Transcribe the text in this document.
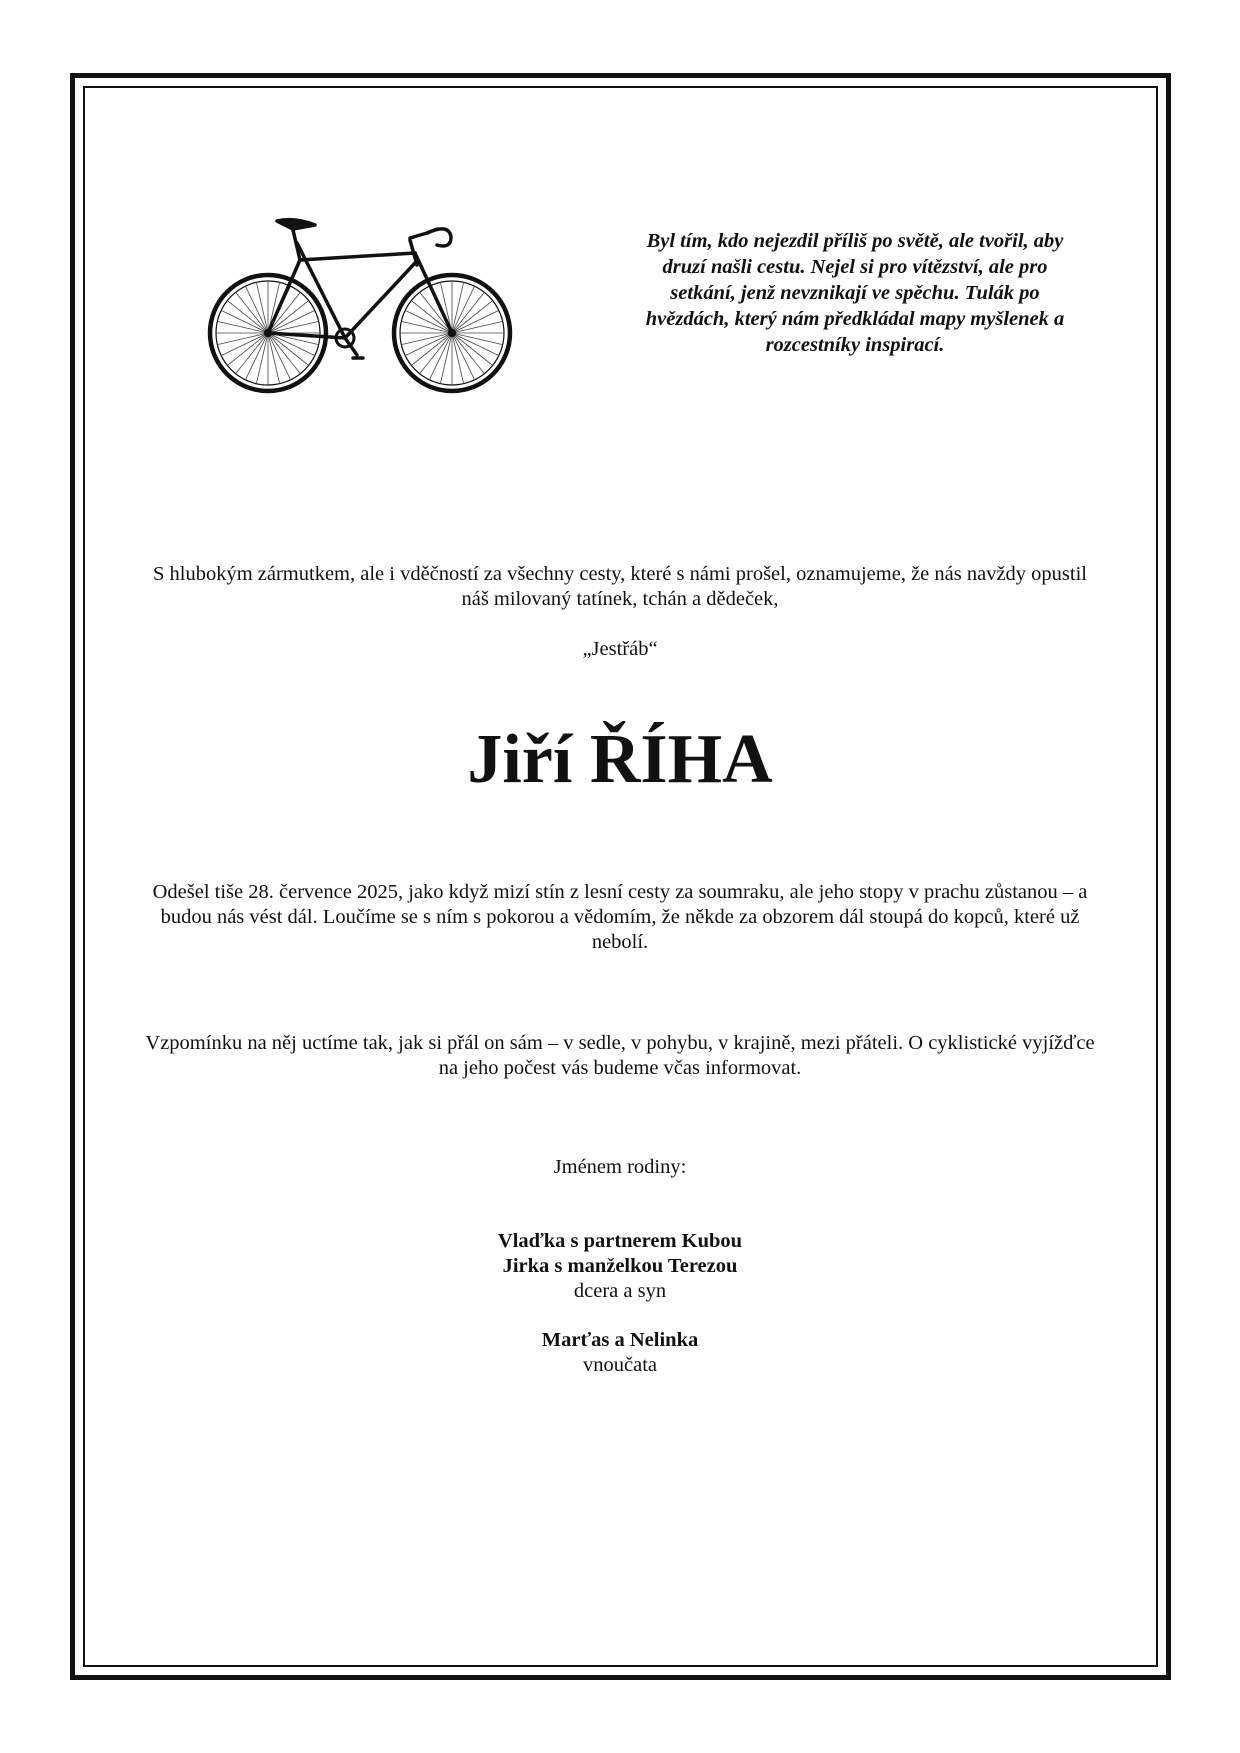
Byl tím, kdo nejezdil příliš po světě, ale tvořil, aby druzí našli cestu. Nejel si pro vítězství, ale pro setkání, jenž nevznikají ve spěchu. Tulák po hvězdách, který nám předkládal mapy myšlenek a rozcestníky inspirací.
S hlubokým zármutkem, ale i vděčností za všechny cesty, které s námi prošel, oznamujeme, že nás navždy opustil náš milovaný tatínek, tchán a dědeček,
„Jestřáb“
Jiří ŘÍHA
Odešel tiše 28. července 2025, jako když mizí stín z lesní cesty za soumraku, ale jeho stopy v prachu zůstanou – a budou nás vést dál. Loučíme se s ním s pokorou a vědomím, že někde za obzorem dál stoupá do kopců, které už nebolí.
Vzpomínku na něj uctíme tak, jak si přál on sám – v sedle, v pohybu, v krajině, mezi přáteli. O cyklistické vyjížďce na jeho počest vás budeme včas informovat.
Jménem rodiny:
Vlaďka s partnerem Kubou
Jirka s manželkou Terezou
dcera a syn
Marťas a Nelinka
vnoučata
